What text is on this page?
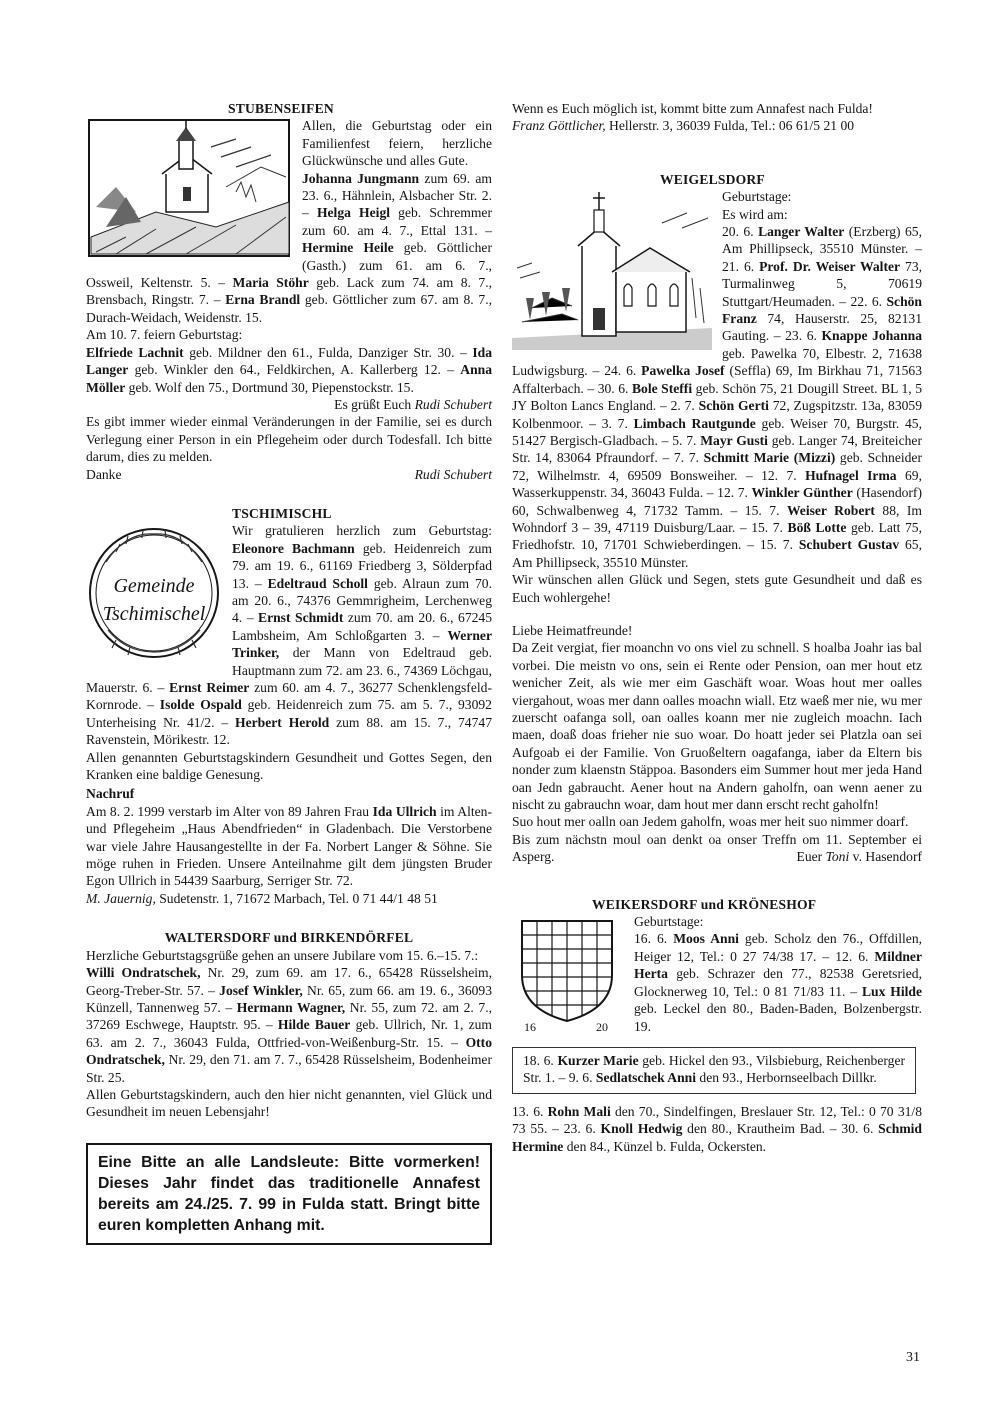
STUBENSEIFEN

Allen, die Geburtstag oder ein Familienfest feiern, herzliche Glückwünsche und alles Gute.

Johanna Jungmann zum 69. am 23. 6., Hähnlein, Alsbacher Str. 2. – Helga Heigl geb. Schremmer zum 60. am 4. 7., Ettal 131. – Hermine Heile geb. Göttlicher (Gasth.) zum 61. am 6. 7., Ossweil, Keltenstr. 5. – Maria Stöhr geb. Lack zum 74. am 8. 7., Brensbach, Ringstr. 7. – Erna Brandl geb. Göttlicher zum 67. am 8. 7., Durach-Weidach, Weidenstr. 15.

Am 10. 7. feiern Geburtstag:

Elfriede Lachnit geb. Mildner den 61., Fulda, Danziger Str. 30. – Ida Langer geb. Winkler den 64., Feldkirchen, A. Kallerberg 12. – Anna Möller geb. Wolf den 75., Dortmund 30, Piepenstockstr. 15.

Es grüßt Euch Rudi Schubert

Es gibt immer wieder einmal Veränderungen in der Familie, sei es durch Verlegung einer Person in ein Pflegeheim oder durch Todesfall. Ich bitte darum, dies zu melden.

Danke	Rudi Schubert

TSCHIMISCHL
Gemeinde
Tschimischel

Wir gratulieren herzlich zum Geburtstag: Eleonore Bachmann geb. Heidenreich zum 79. am 19. 6., 61169 Friedberg 3, Sölderpfad 13. – Edeltraud Scholl geb. Alraun zum 70. am 20. 6., 74376 Gemmrigheim, Lerchenweg 4. – Ernst Schmidt zum 70. am 20. 6., 67245 Lambsheim, Am Schloßgarten 3. – Werner Trinker, der Mann von Edeltraud geb. Hauptmann zum 72. am 23. 6., 74369 Löchgau, Mauerstr. 6. – Ernst Reimer zum 60. am 4. 7., 36277 Schenklengsfeld-Kornrode. – Isolde Ospald geb. Heidenreich zum 75. am 5. 7., 93092 Unterheising Nr. 41/2. – Herbert Herold zum 88. am 15. 7., 74747 Ravenstein, Mörikestr. 12.

Allen genannten Geburtstagskindern Gesundheit und Gottes Segen, den Kranken eine baldige Genesung.

Nachruf

Am 8. 2. 1999 verstarb im Alter von 89 Jahren Frau Ida Ullrich im Alten- und Pflegeheim „Haus Abendfrieden“ in Gladenbach. Die Verstorbene war viele Jahre Hausangestellte in der Fa. Norbert Langer & Söhne. Sie möge ruhen in Frieden. Unsere Anteilnahme gilt dem jüngsten Bruder Egon Ullrich in 54439 Saarburg, Serriger Str. 72.

M. Jauernig, Sudetenstr. 1, 71672 Marbach, Tel. 0 71 44/1 48 51

WALTERSDORF und BIRKENDÖRFEL

Herzliche Geburtstagsgrüße gehen an unsere Jubilare vom 15. 6.–15. 7.:

Willi Ondratschek, Nr. 29, zum 69. am 17. 6., 65428 Rüsselsheim, Georg-Treber-Str. 57. – Josef Winkler, Nr. 65, zum 66. am 19. 6., 36093 Künzell, Tannenweg 57. – Hermann Wagner, Nr. 55, zum 72. am 2. 7., 37269 Eschwege, Hauptstr. 95. – Hilde Bauer geb. Ullrich, Nr. 1, zum 63. am 2. 7., 36043 Fulda, Ottfried-von-Weißenburg-Str. 15. – Otto Ondratschek, Nr. 29, den 71. am 7. 7., 65428 Rüsselsheim, Bodenheimer Str. 25.

Allen Geburtstagskindern, auch den hier nicht genannten, viel Glück und Gesundheit im neuen Lebensjahr!

Eine Bitte an alle Landsleute: Bitte vormerken! Dieses Jahr findet das traditionelle Annafest bereits am 24./25. 7. 99 in Fulda statt. Bringt bitte euren kompletten Anhang mit.

Wenn es Euch möglich ist, kommt bitte zum Annafest nach Fulda!

Franz Göttlicher, Hellerstr. 3, 36039 Fulda, Tel.: 06 61/5 21 00

WEIGELSDORF

Geburtstage:

Es wird am:

20. 6. Langer Walter (Erzberg) 65, Am Phillipseck, 35510 Münster. – 21. 6. Prof. Dr. Weiser Walter 73, Turmalinweg 5, 70619 Stuttgart/Heumaden. – 22. 6. Schön Franz 74, Hauserstr. 25, 82131 Gauting. – 23. 6. Knappe Johanna geb. Pawelka 70, Elbestr. 2, 71638 Ludwigsburg. – 24. 6. Pawelka Josef (Seffla) 69, Im Birkhau 71, 71563 Affalterbach. – 30. 6. Bole Steffi geb. Schön 75, 21 Dougill Street. BL 1, 5 JY Bolton Lancs England. – 2. 7. Schön Gerti 72, Zugspitzstr. 13a, 83059 Kolbenmoor. – 3. 7. Limbach Rautgunde geb. Weiser 70, Burgstr. 45, 51427 Bergisch-Gladbach. – 5. 7. Mayr Gusti geb. Langer 74, Breiteicher Str. 14, 83064 Pfraundorf. – 7. 7. Schmitt Marie (Mizzi) geb. Schneider 72, Wilhelmstr. 4, 69509 Bonsweiher. – 12. 7. Hufnagel Irma 69, Wasserkuppenstr. 34, 36043 Fulda. – 12. 7. Winkler Günther (Hasendorf) 60, Schwalbenweg 4, 71732 Tamm. – 15. 7. Weiser Robert 88, Im Wohndorf 3 – 39, 47119 Duisburg/Laar. – 15. 7. Böß Lotte geb. Latt 75, Friedhofstr. 10, 71701 Schwieberdingen. – 15. 7. Schubert Gustav 65, Am Phillipseck, 35510 Münster.

Wir wünschen allen Glück und Segen, stets gute Gesundheit und daß es Euch wohlergehe!

Liebe Heimatfreunde!

Da Zeit vergiat, fier moanchn vo ons viel zu schnell. S hoalba Joahr ias bal vorbei. Die meistn vo ons, sein ei Rente oder Pension, oan mer hout etz wenicher Zeit, als wie mer eim Gaschäft woar. Woas hout mer oalles viergahout, woas mer dann oalles moachn wiall. Etz waeß mer nie, wu mer zuerscht oafanga soll, oan oalles koann mer nie zugleich moachn. Iach maen, doaß doas frieher nie suo woar. Do hoatt jeder sei Platzla oan sei Aufgoab ei der Familie. Von Gruoßeltern oagafanga, iaber da Eltern bis nonder zum klaenstn Stäppoa. Basonders eim Summer hout mer jeda Hand oan Jedn gabraucht. Aener hout na Andern gaholfn, oan wenn aener zu nischt zu gabrauchn woar, dam hout mer dann erscht recht gaholfn!

Suo hout mer oalln oan Jedem gaholfn, woas mer heit suo nimmer doarf.

Bis zum nächstn moul oan denkt oa onser Treffn om 11. September ei Asperg.	Euer Toni v. Hasendorf

WEIKERSDORF und KRÖNESHOF
16	20

Geburtstage:

16. 6. Moos Anni geb. Scholz den 76., Offdillen, Heiger 12, Tel.: 0 27 74/38 17. – 12. 6. Mildner Herta geb. Schrazer den 77., 82538 Geretsried, Glocknerweg 10, Tel.: 0 81 71/83 11. – Lux Hilde geb. Leckel den 80., Baden-Baden, Bolzenbergstr. 19.

18. 6. Kurzer Marie geb. Hickel den 93., Vilsbieburg, Reichenberger Str. 1. – 9. 6. Sedlatschek Anni den 93., Herbornseelbach Dillkr.

13. 6. Rohn Mali den 70., Sindelfingen, Breslauer Str. 12, Tel.: 0 70 31/8 73 55. – 23. 6. Knoll Hedwig den 80., Krautheim Bad. – 30. 6. Schmid Hermine den 84., Künzel b. Fulda, Ockersten.

31
